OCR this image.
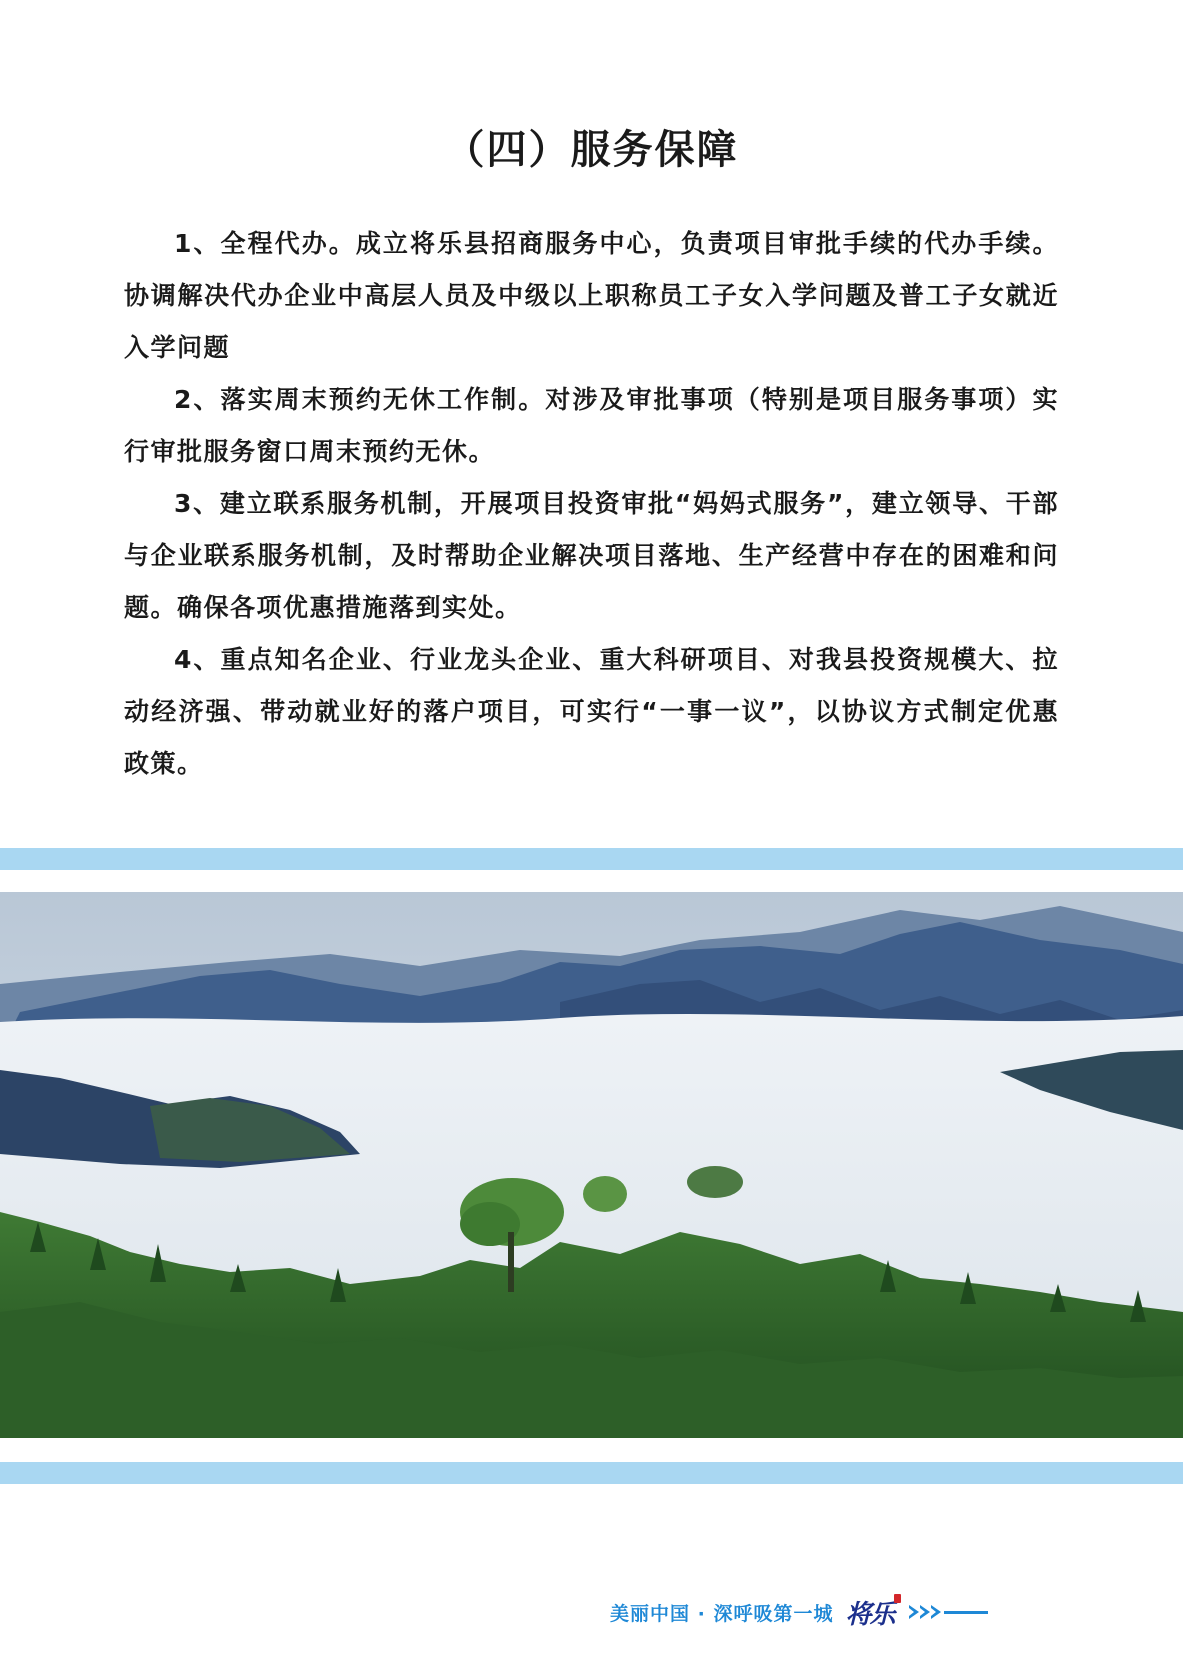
（四）服务保障

1、全程代办。成立将乐县招商服务中心，负责项目审批手续的代办手续。协调解决代办企业中高层人员及中级以上职称员工子女入学问题及普工子女就近入学问题

2、落实周末预约无休工作制。对涉及审批事项（特别是项目服务事项）实行审批服务窗口周末预约无休。

3、建立联系服务机制，开展项目投资审批“妈妈式服务”，建立领导、干部与企业联系服务机制，及时帮助企业解决项目落地、生产经营中存在的困难和问题。确保各项优惠措施落到实处。

4、重点知名企业、行业龙头企业、重大科研项目、对我县投资规模大、拉动经济强、带动就业好的落户项目，可实行“一事一议”，以协议方式制定优惠政策。

美丽中国 · 深呼吸第一城 将乐
